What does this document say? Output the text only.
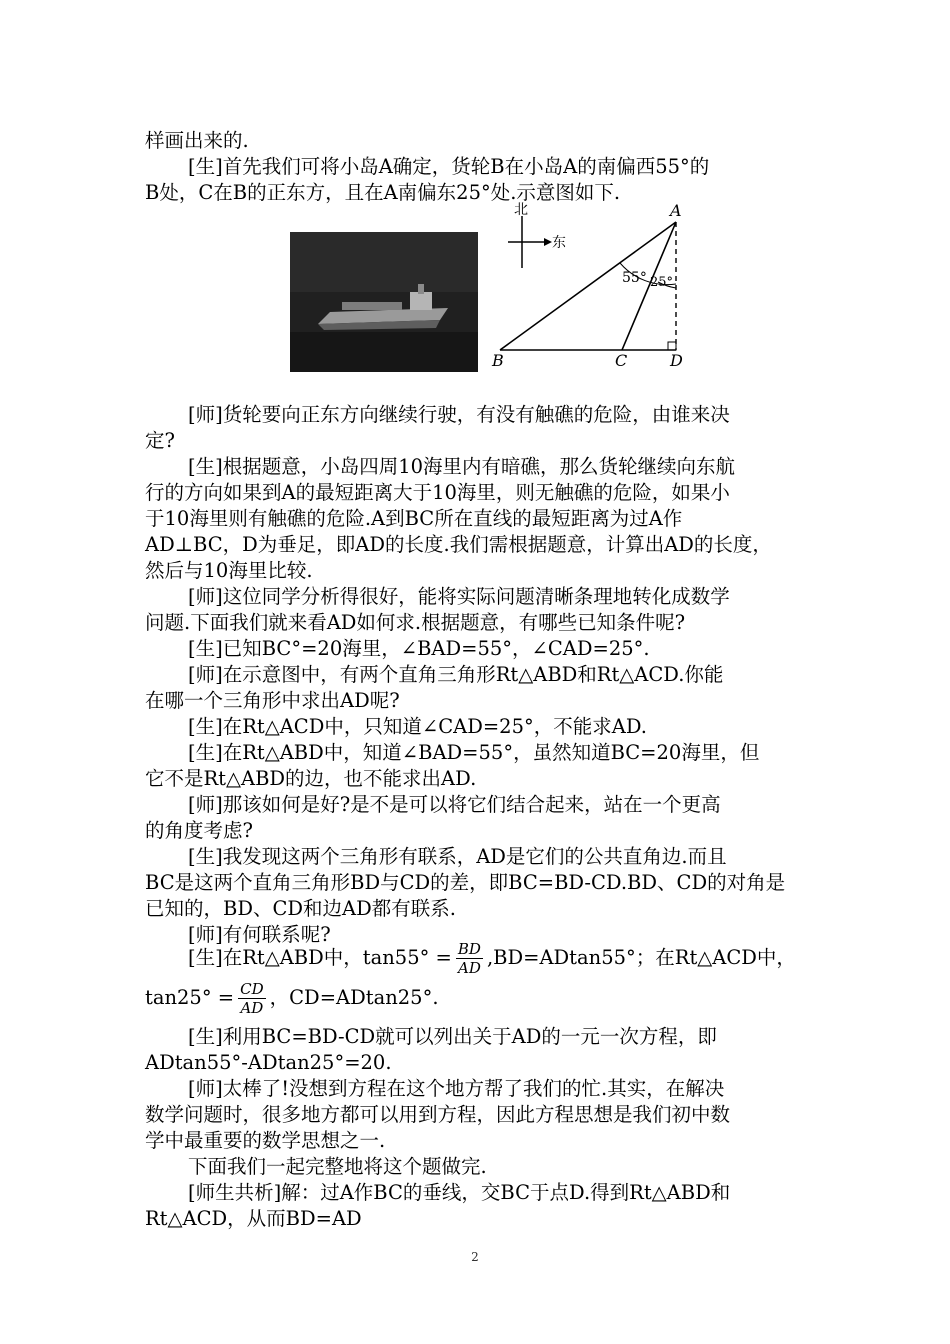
样画出来的.
[生]首先我们可将小岛A确定，货轮B在小岛A的南偏西55°的
B处，C在B的正东方，且在A南偏东25°处.示意图如下.
北
东
55° 25°
A
B	C	D
[师]货轮要向正东方向继续行驶，有没有触礁的危险，由谁来决
定?
[生]根据题意，小岛四周10海里内有暗礁，那么货轮继续向东航
行的方向如果到A的最短距离大于10海里，则无触礁的危险，如果小
于10海里则有触礁的危险.A到BC所在直线的最短距离为过A作
AD⊥BC，D为垂足，即AD的长度.我们需根据题意，计算出AD的长度，
然后与10海里比较.
[师]这位同学分析得很好，能将实际问题清晰条理地转化成数学
问题.下面我们就来看AD如何求.根据题意，有哪些已知条件呢?
[生]已知BC°=20海里，∠BAD=55°，∠CAD=25°.
[师]在示意图中，有两个直角三角形Rt△ABD和Rt△ACD.你能
在哪一个三角形中求出AD呢?
[生]在Rt△ACD中，只知道∠CAD=25°，不能求AD.
[生]在Rt△ABD中，知道∠BAD=55°，虽然知道BC=20海里，但
它不是Rt△ABD的边，也不能求出AD.
[师]那该如何是好?是不是可以将它们结合起来，站在一个更高
的角度考虑?
[生]我发现这两个三角形有联系，AD是它们的公共直角边.而且
BC是这两个直角三角形BD与CD的差，即BC=BD-CD.BD、CD的对角是
已知的，BD、CD和边AD都有联系.
[师]有何联系呢?
[生]在Rt△ABD中，$\tan 55^\circ = \frac{BD}{AD} ,BD=ADtan55^\circ$；在Rt△ACD中，
$\tan 25^\circ = \frac{CD}{AD}$ ，CD=ADtan25°.
[生]利用BC=BD-CD就可以列出关于AD的一元一次方程，即
ADtan55°-ADtan25°=20.
[师]太棒了!没想到方程在这个地方帮了我们的忙.其实，在解决
数学问题时，很多地方都可以用到方程，因此方程思想是我们初中数
学中最重要的数学思想之一.
下面我们一起完整地将这个题做完.
[师生共析]解：过A作BC的垂线，交BC于点D.得到Rt△ABD和
Rt△ACD，从而BD=AD
2
